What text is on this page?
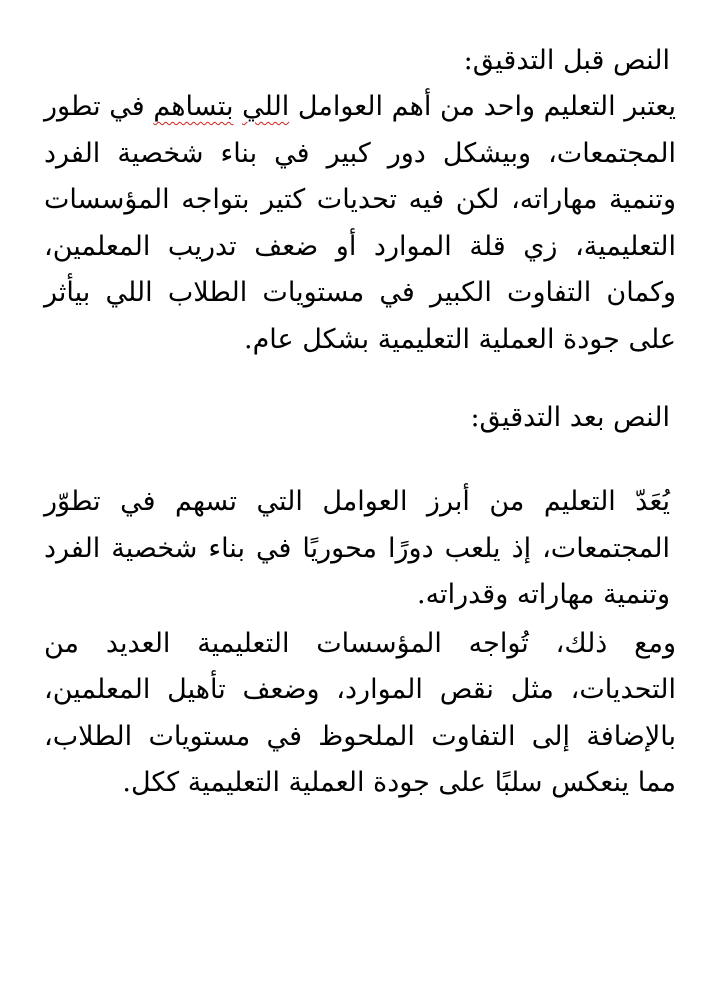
النص قبل التدقيق:

يعتبر التعليم واحد من أهم العوامل اللي بتساهم في تطور المجتمعات، وبيشكل دور كبير في بناء شخصية الفرد وتنمية مهاراته، لكن فيه تحديات كتير بتواجه المؤسسات التعليمية، زي قلة الموارد أو ضعف تدريب المعلمين، وكمان التفاوت الكبير في مستويات الطلاب اللي بيأثر على جودة العملية التعليمية بشكل عام.

النص بعد التدقيق:

يُعَدّ التعليم من أبرز العوامل التي تسهم في تطوّر المجتمعات، إذ يلعب دورًا محوريًا في بناء شخصية الفرد وتنمية مهاراته وقدراته.

ومع ذلك، تُواجه المؤسسات التعليمية العديد من التحديات، مثل نقص الموارد، وضعف تأهيل المعلمين، بالإضافة إلى التفاوت الملحوظ في مستويات الطلاب، مما ينعكس سلبًا على جودة العملية التعليمية ككل.
